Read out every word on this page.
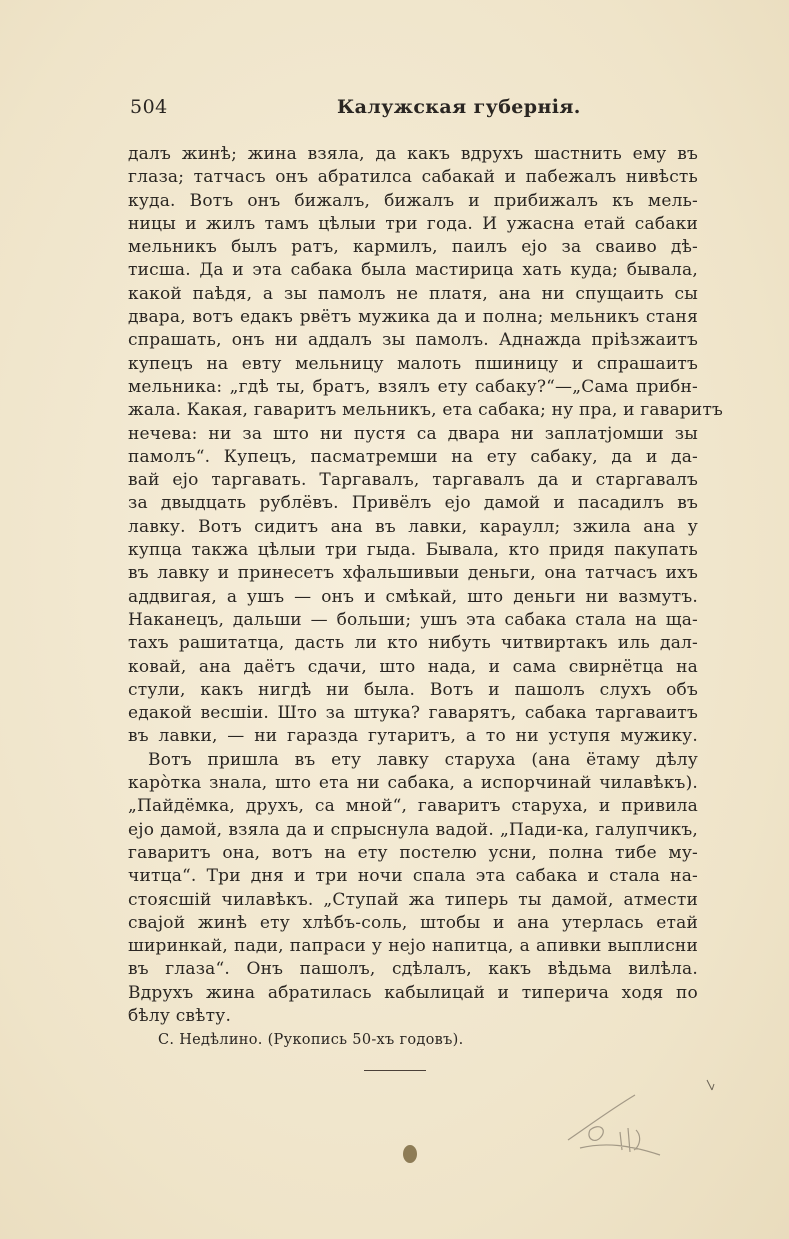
504	Калужская губернія.
далъ жинѣ; жина взяла, да какъ вдрухъ шастнить ему въ
глаза; татчасъ онъ абратилса сабакай и пабежалъ нивѣсть
куда. Вотъ онъ бижалъ, бижалъ и прибижалъ къ мель-
ницы и жилъ тамъ цѣлыи три года. И ужасна етай сабаки
мельникъ былъ ратъ, кармилъ, паилъ ејо за сваиво дѣ-
тисша. Да и эта сабака была мастирица хать куда; бывала,
какой паѣдя, а зы памолъ не платя, ана ни спущаить сы
двара, вотъ едакъ рвётъ мужика да и полна; мельникъ станя
спрашать, онъ ни аддалъ зы памолъ. Аднажда пріѣзжаитъ
купецъ на евту мельницу малоть пшиницу и спрашаитъ
мельника: „гдѣ ты, братъ, взялъ ету сабаку?“—„Сама прибн-
жала. Какая, гаваритъ мельникъ, ета сабака; ну пра, и гаваритъ
нечева: ни за што ни пустя са двара ни заплатјомши зы
памолъ“. Купецъ, пасматремши на ету сабаку, да и да-
вай ејо таргавать. Таргавалъ, таргавалъ да и старгавалъ
за двыдцать рублёвъ. Привёлъ ејо дамой и пасадилъ въ
лавку. Вотъ сидитъ ана въ лавки, караулл; зжила ана у
купца такжа цѣлыи три гыда. Бывала, кто придя пакупать
въ лавку и принесетъ хфальшивыи деньги, она татчасъ ихъ
аддвигая, а ушъ — онъ и смѣкай, што деньги ни вазмутъ.
Наканецъ, дальши — больши; ушъ эта сабака стала на ща-
тахъ рашитатца, дасть ли кто нибуть читвиртакъ иль дал-
ковай, ана даётъ сдачи, што нада, и сама свирнётца на
стули, какъ нигдѣ ни была. Вотъ и пашолъ слухъ объ
едакой весшіи. Што за штука? гаварятъ, сабака таргаваитъ
въ лавки, — ни гаразда гутаритъ, а то ни уступя мужику.
Вотъ пришла въ ету лавку старуха (ана ётаму дѣлу
карòтка знала, што ета ни сабака, а испорчинай чилавѣкъ).
„Пайдёмка, друхъ, са мной“, гаваритъ старуха, и привила
ејо дамой, взяла да и спрыснула вадой. „Пади-ка, галупчикъ,
гаваритъ она, вотъ на ету постелю усни, полна тибе му-
читца“. Три дня и три ночи спала эта сабака и стала на-
стоясшій чилавѣкъ. „Ступай жа типерь ты дамой, атмести
свајой жинѣ ету хлѣбъ-соль, штобы и ана утерлась етай
ширинкай, пади, папраси у нејо напитца, а апивки выплисни
въ глаза“. Онъ пашолъ, сдѣлалъ, какъ вѣдьма вилѣла.
Вдрухъ жина абратилась кабылицай и типерича ходя по
бѣлу свѣту.
С. Недѣлино. (Рукопись 50-хъ годовъ).
